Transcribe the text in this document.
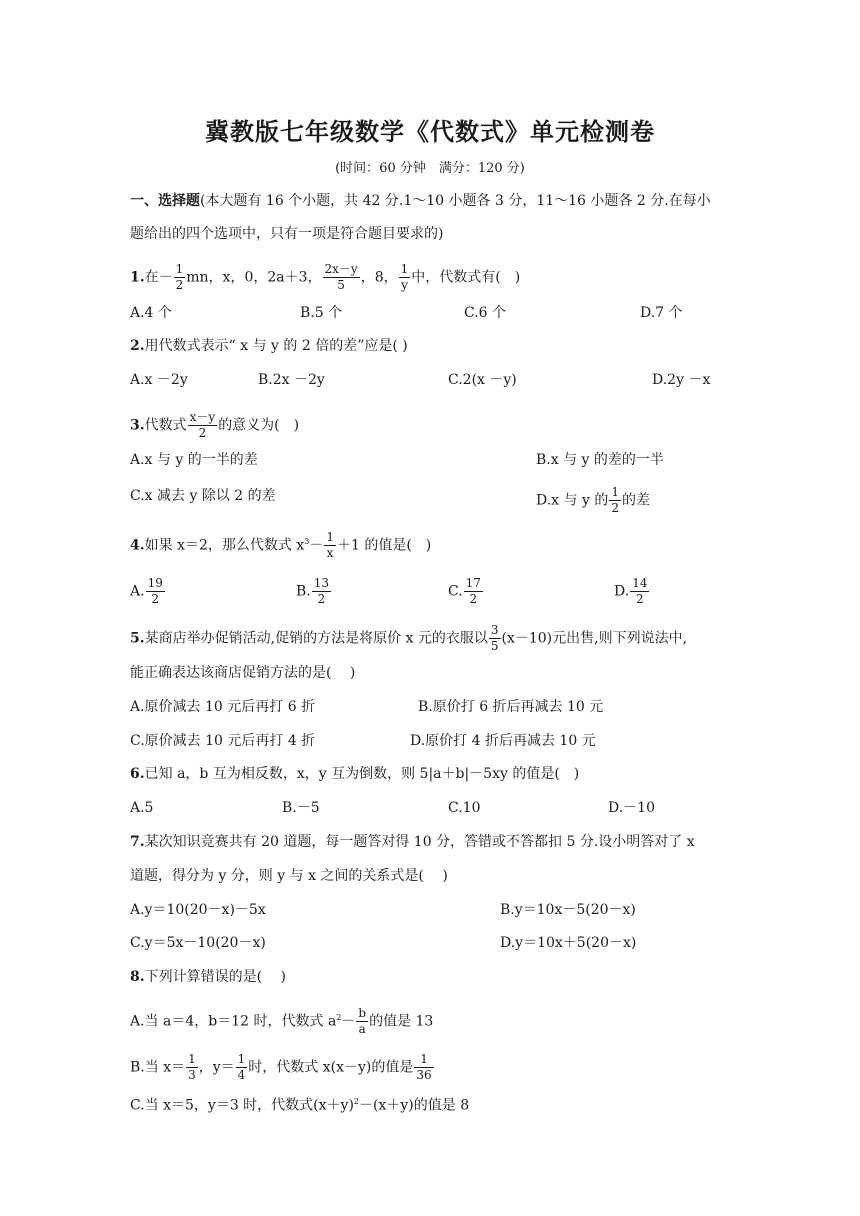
冀教版七年级数学《代数式》单元检测卷
(时间：60 分钟　满分：120 分)
一、选择题(本大题有 16 个小题，共 42 分.1～10 小题各 3 分，11～16 小题各 2 分.在每小
题给出的四个选项中，只有一项是符合题目要求的)
1.在－ $\frac{1}{2}$ mn，x，0，2a＋3， $\frac{2x-y}{5}$ ，8， $\frac{1}{y}$ 中，代数式有(　)
A.4 个	B.5 个	C.6 个	D.7 个
2.用代数式表示“ x 与 y 的 2 倍的差”应是( )
A.x －2y	B.2x －2y	C.2(x －y)	D.2y －x
3.代数式 $\frac{x-y}{2}$ 的意义为(　)
A.x 与 y 的一半的差	B.x 与 y 的差的一半
C.x 减去 y 除以 2 的差	D.x 与 y 的 $\frac{1}{2}$ 的差
4.如果 x＝2，那么代数式 $x^3- \frac{1}{x} +1$ 的值是(　)
A. $\frac{19}{2}$	B. $\frac{13}{2}$	C. $\frac{17}{2}$	D. $\frac{14}{2}$
5.某商店举办促销活动,促销的方法是将原价 x 元的衣服以 $\frac{3}{5} (x-10)$元出售,则下列说法中,
能正确表达该商店促销方法的是(　 )
A.原价减去 10 元后再打 6 折	B.原价打 6 折后再减去 10 元
C.原价减去 10 元后再打 4 折	D.原价打 4 折后再减去 10 元
6.已知 a，b 互为相反数，x，y 互为倒数，则 5|a＋b|－5xy 的值是(　)
A.5	B.－5	C.10	D.－10
7.某次知识竞赛共有 20 道题，每一题答对得 10 分，答错或不答都扣 5 分.设小明答对了 x
道题，得分为 y 分，则 y 与 x 之间的关系式是(　 )
A.y＝10(20－x)－5x	B.y＝10x－5(20－x)
C.y＝5x－10(20－x)	D.y＝10x＋5(20－x)
8.下列计算错误的是(　 )
A.当 a＝4，b＝12 时，代数式 $a^2- \frac{b}{a}$ 的值是 13
B.当 $x= \frac{1}{3}$ ，$y= \frac{1}{4}$ 时，代数式 x(x－y)的值是 $\frac{1}{36}$
C.当 x＝5，y＝3 时，代数式$(x+y)^2-(x+y)$的值是 8
